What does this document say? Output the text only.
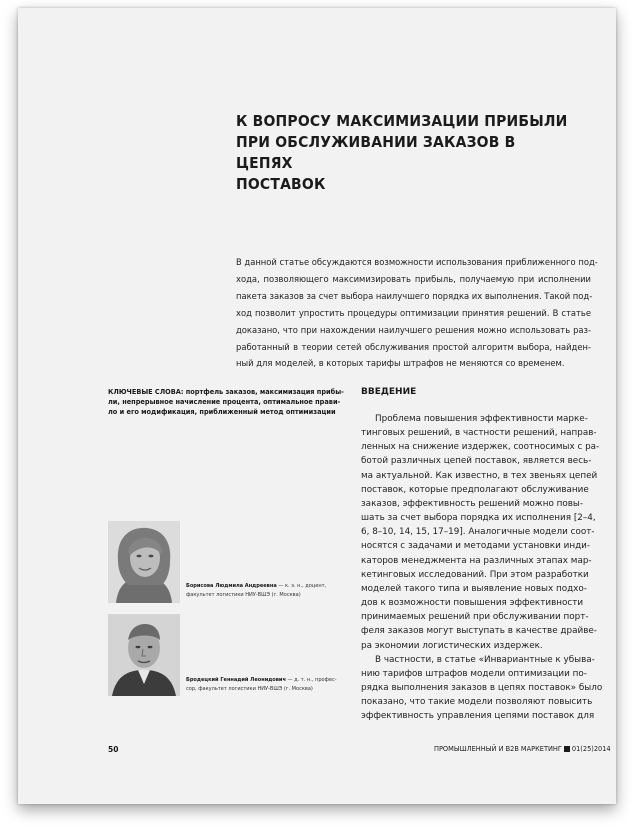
К ВОПРОСУ МАКСИМИЗАЦИИ ПРИБЫЛИ
ПРИ ОБСЛУЖИВАНИИ ЗАКАЗОВ В ЦЕПЯХ
ПОСТАВОК

В данной статье обсуждаются возможности использования приближенного под-
хода, позволяющего максимизировать прибыль, получаемую при исполнении
пакета заказов за счет выбора наилучшего порядка их выполнения. Такой под-
ход позволит упростить процедуры оптимизации принятия решений. В статье
доказано, что при нахождении наилучшего решения можно использовать раз-
работанный в теории сетей обслуживания простой алгоритм выбора, найден-
ный для моделей, в которых тарифы штрафов не меняются со временем.

КЛЮЧЕВЫЕ СЛОВА: портфель заказов, максимизация прибы-
ли, непрерывное начисление процента, оптимальное прави-
ло и его модификация, приближенный метод оптимизации

ВВЕДЕНИЕ

Проблема повышения эффективности марке-
тинговых решений, в частности решений, направ-
ленных на снижение издержек, соотносимых с ра-
ботой различных цепей поставок, является весь-
ма актуальной. Как известно, в тех звеньях цепей
поставок, которые предполагают обслуживание
заказов, эффективность решений можно повы-
шать за счет выбора порядка их исполнения [2–4,
6, 8–10, 14, 15, 17–19]. Аналогичные модели соот-
носятся с задачами и методами установки инди-
каторов менеджмента на различных этапах мар-
кетинговых исследований. При этом разработки
моделей такого типа и выявление новых подхо-
дов к возможности повышения эффективности
принимаемых решений при обслуживании порт-
феля заказов могут выступать в качестве драйве-
ра экономии логистических издержек.
В частности, в статье «Инвариантные к убыва-
нию тарифов штрафов модели оптимизации по-
рядка выполнения заказов в цепях поставок» было
показано, что такие модели позволяют повысить
эффективность управления цепями поставок для

Борисова Людмила Андреевна — к. э. н., доцент,
факультет логистики НИУ-ВШЭ (г. Москва)

Бродецкий Геннадий Леонидович — д. т. н., профес-
сор, факультет логистики НИУ-ВШЭ (г. Москва)

50	ПРОМЫШЛЕННЫЙ И B2B МАРКЕТИНГ 01(25)2014
